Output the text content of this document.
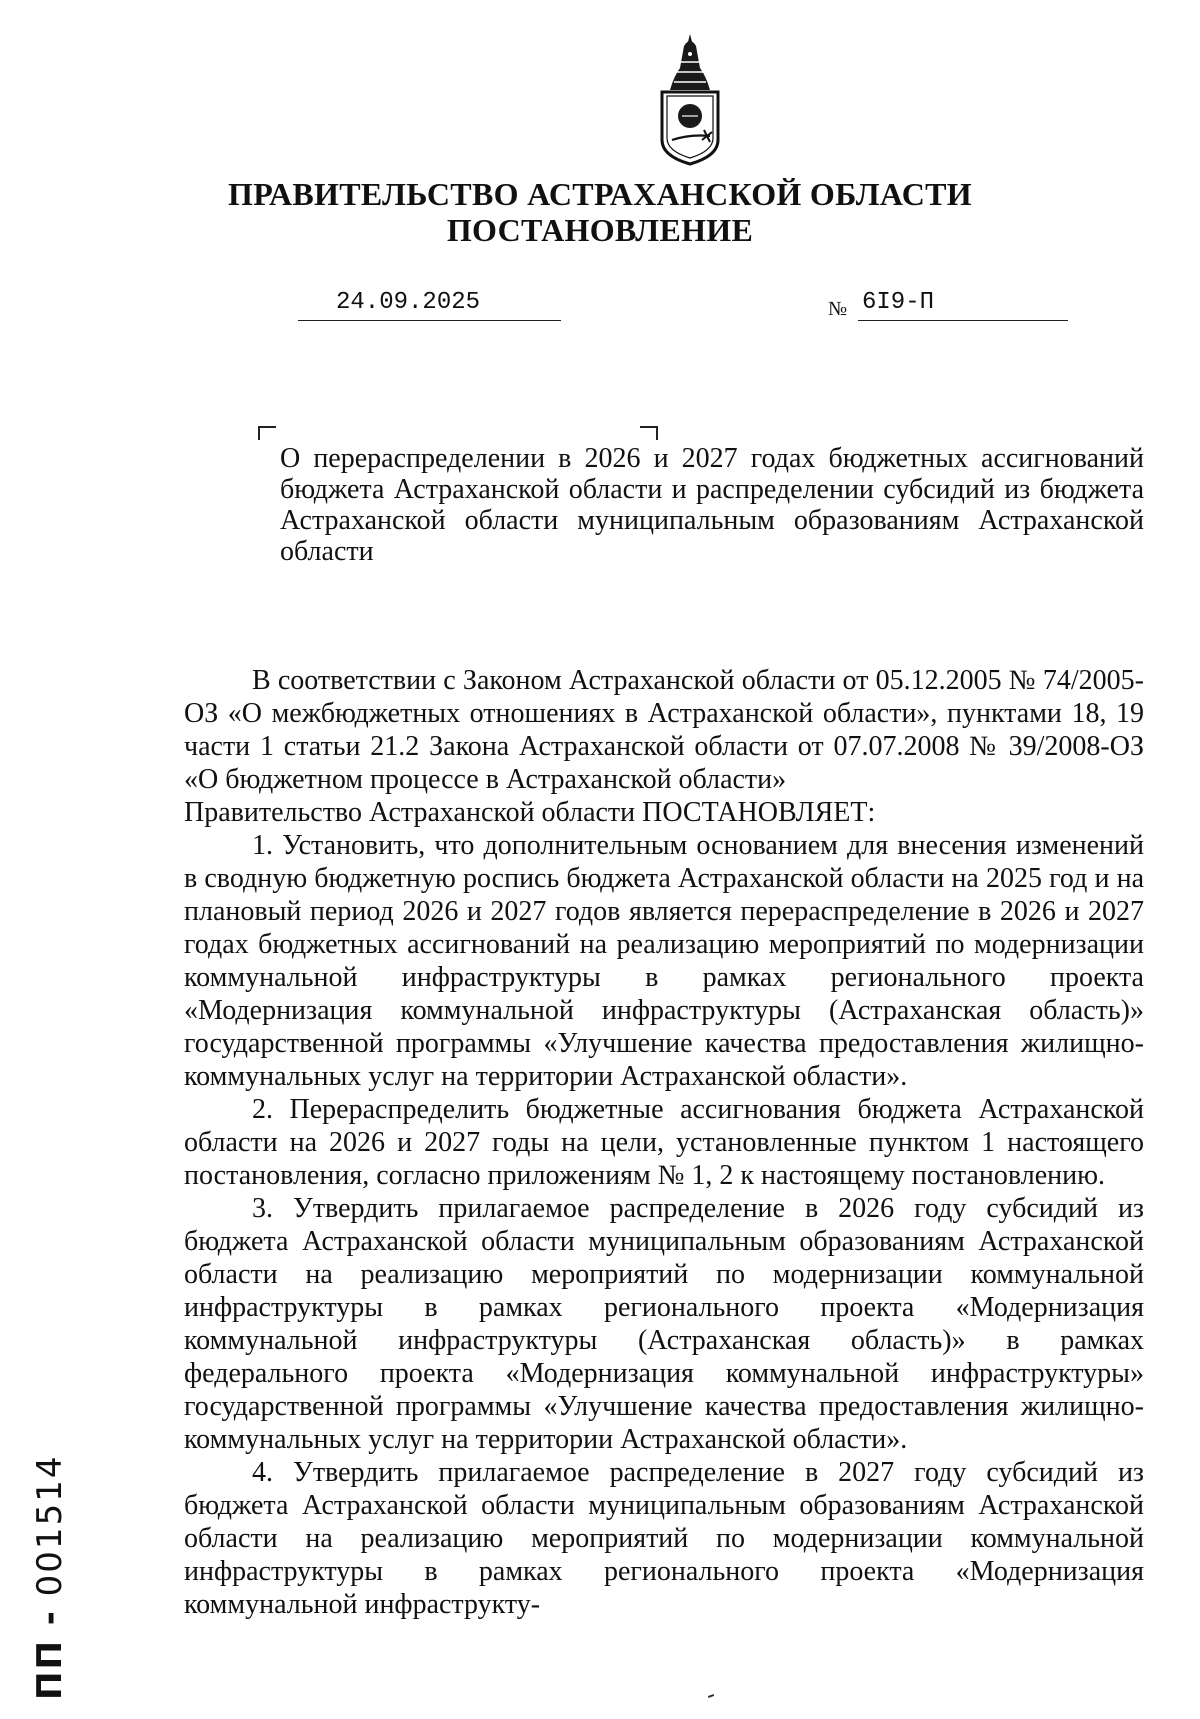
ПРАВИТЕЛЬСТВО АСТРАХАНСКОЙ ОБЛАСТИ
ПОСТАНОВЛЕНИЕ
24.09.2025	№ 6I9-П
О перераспределении в 2026 и 2027 годах бюджетных ассигнований бюджета Астраханской области и распределении субсидий из бюджета Астраханской области муниципальным образованиям Астраханской области

В соответствии с Законом Астраханской области от 05.12.2005 № 74/2005-ОЗ «О межбюджетных отношениях в Астраханской области», пунктами 18, 19 части 1 статьи 21.2 Закона Астраханской области от 07.07.2008 № 39/2008-ОЗ «О бюджетном процессе в Астраханской области»

Правительство Астраханской области ПОСТАНОВЛЯЕТ:

1. Установить, что дополнительным основанием для внесения изменений в сводную бюджетную роспись бюджета Астраханской области на 2025 год и на плановый период 2026 и 2027 годов является перераспределение в 2026 и 2027 годах бюджетных ассигнований на реализацию мероприятий по модернизации коммунальной инфраструктуры в рамках регионального проекта «Модернизация коммунальной инфраструктуры (Астраханская область)» государственной программы «Улучшение качества предоставления жилищно-коммунальных услуг на территории Астраханской области».

2. Перераспределить бюджетные ассигнования бюджета Астраханской области на 2026 и 2027 годы на цели, установленные пунктом 1 настоящего постановления, согласно приложениям № 1, 2 к настоящему постановлению.

3. Утвердить прилагаемое распределение в 2026 году субсидий из бюджета Астраханской области муниципальным образованиям Астраханской области на реализацию мероприятий по модернизации коммунальной инфраструктуры в рамках регионального проекта «Модернизация коммунальной инфраструктуры (Астраханская область)» в рамках федерального проекта «Модернизация коммунальной инфраструктуры» государственной программы «Улучшение качества предоставления жилищно-коммунальных услуг на территории Астраханской области».

4. Утвердить прилагаемое распределение в 2027 году субсидий из бюджета Астраханской области муниципальным образованиям Астраханской области на реализацию мероприятий по модернизации коммунальной инфраструктуры в рамках регионального проекта «Модернизация коммунальной инфраструкту-

ПП - 001514
